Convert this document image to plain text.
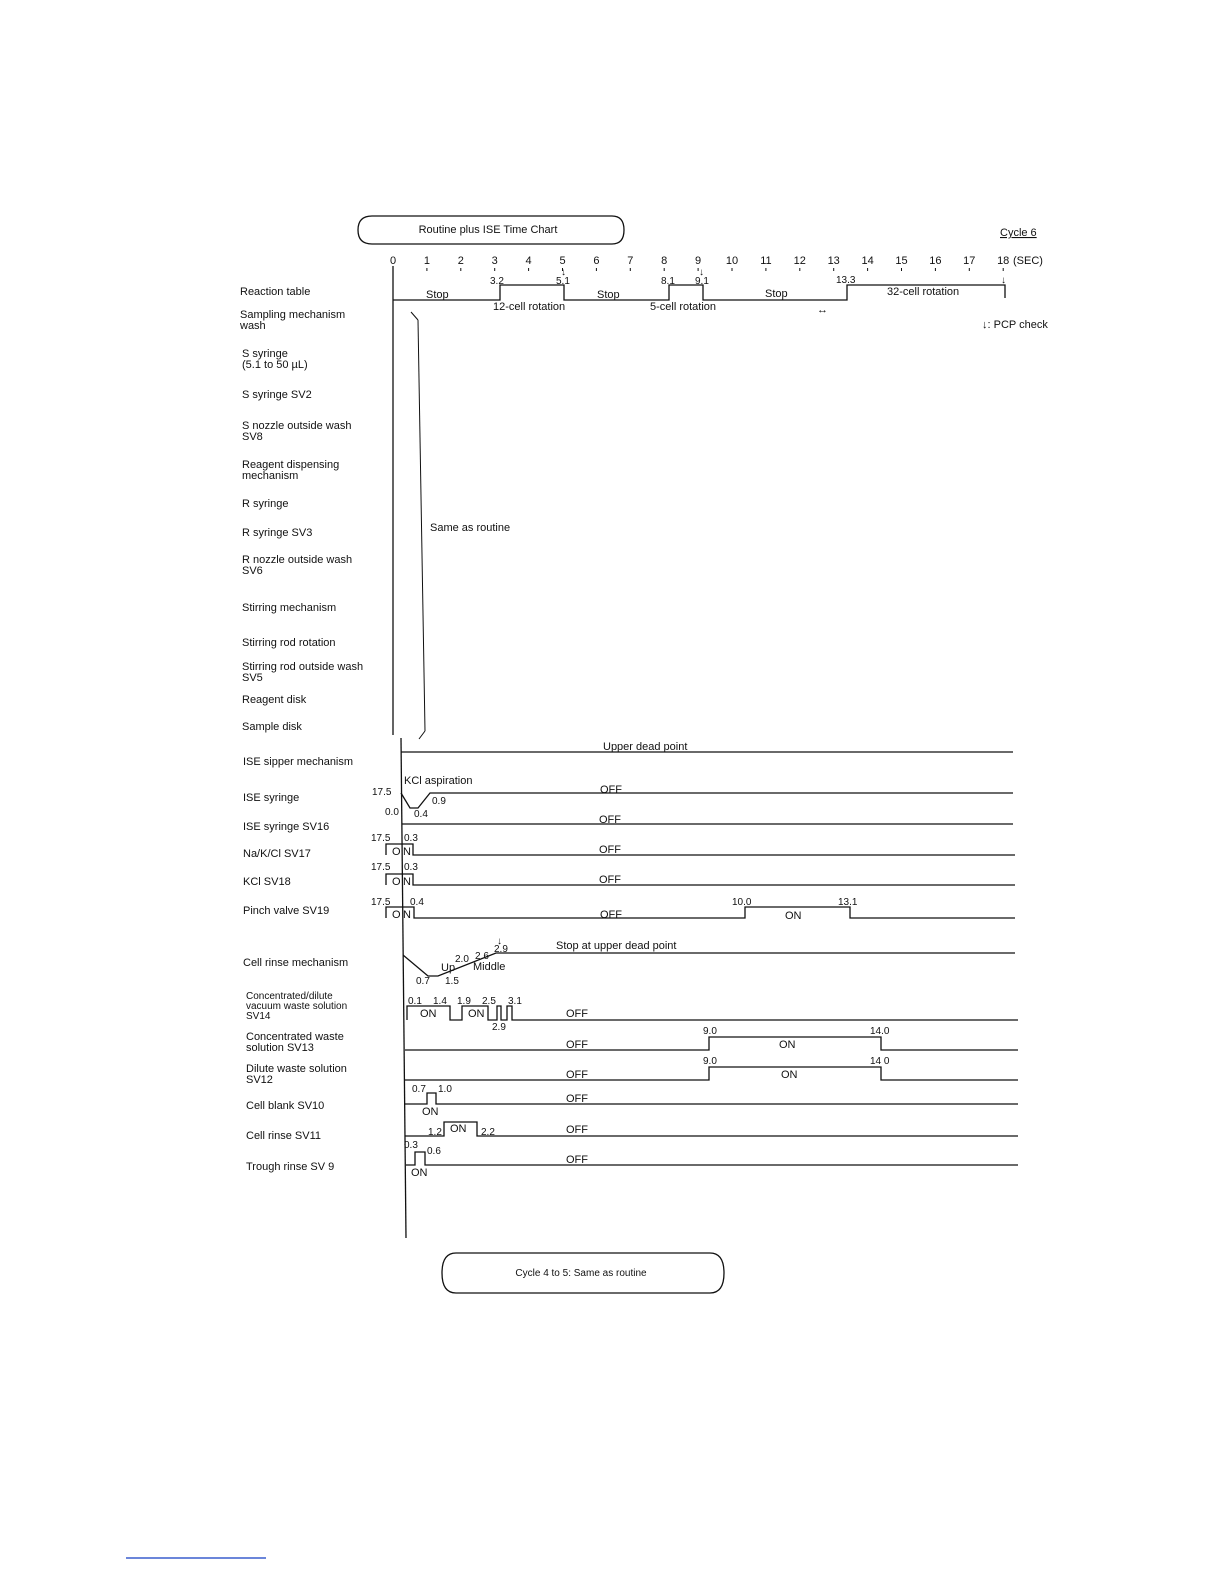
Routine plus ISE Time Chart	Cycle 6
0	1	2	3	4	5	6	7	8	9 10 11 12 13 14 15 16 17 18 (SEC)
Reaction table
Sampling mechanism
wash
S syringe
(5.1 to 50 µL)
S syringe SV2
S nozzle outside wash
SV8
Reagent dispensing
mechanism
R syringe
R syringe SV3
R nozzle outside wash
SV6
Stirring mechanism
Stirring rod rotation
Stirring rod outside wash
SV5
Reagent disk
Sample disk
ISE sipper mechanism
ISE syringe
ISE syringe SV16
Na/K/Cl SV17
KCl SV18
Pinch valve SV19
Cell rinse mechanism
Concentrated/dilute
vacuum waste solution
SV14
Concentrated waste
solution SV13
Dilute waste solution
SV12
Cell blank SV10
Cell rinse SV11
Trough rinse SV 9
Stop
12-cell rotation
Stop
5-cell rotation
Stop	32-cell rotation
3.2	5.1	8.1 9.1	13.3
↔
↓	↓
↓
↓: PCP check
Same as routine
Upper dead point
KCl aspiration
17.5
0.0 0.4
0.9
OFF
OFF
17.5 0.3
O N	OFF
17.5 0.3
O N	OFF
17.5 0.4	10.0	13.1
O N	OFF	ON
↓	Stop at upper dead point
2.9
2.0 2.6
Up Middle
0.7 1.5
0.1 1.4 1.9 2.5 3.1
2.9
ON	ON	OFF
9.0	14.0
OFF	ON
9.0	14 0
OFF	ON
0.7 1.0
ON
OFF
1.2	2.2
ON	OFF
0.3
0.6
ON
OFF
Cycle 4 to 5: Same as routine
